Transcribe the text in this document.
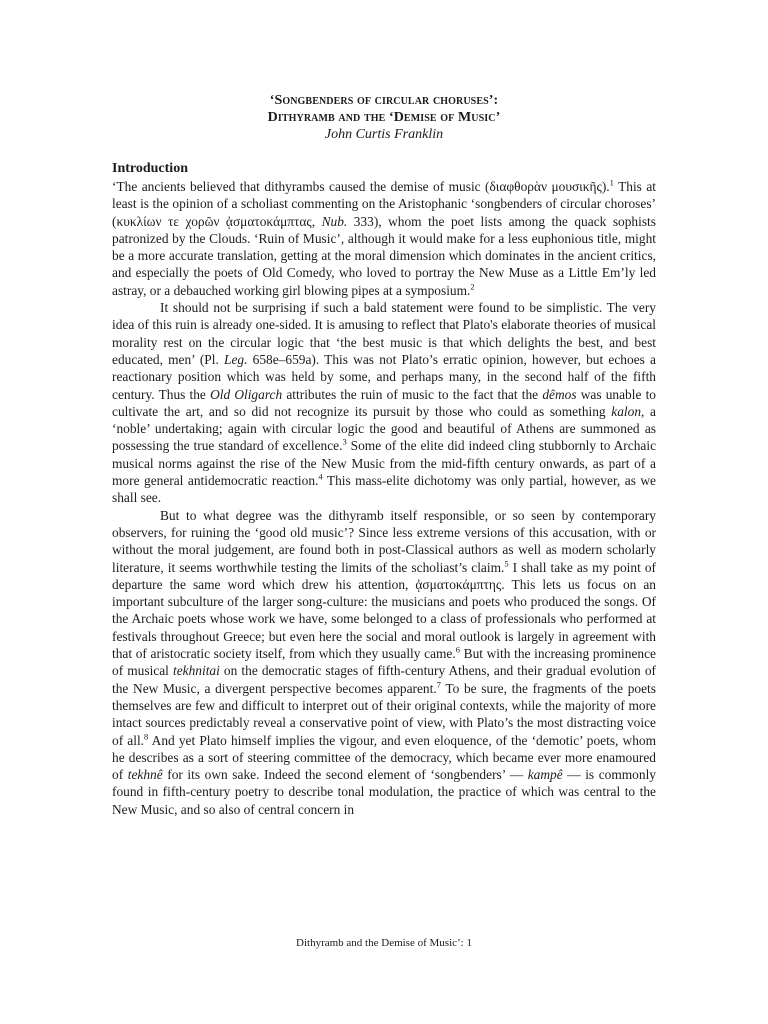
‘Songbenders of circular choruses’:
Dithyramb and the ‘Demise of Music’
John Curtis Franklin
Introduction

‘The ancients believed that dithyrambs caused the demise of music (διαφθορὰν μουσικῆς).$^1$ This at least is the opinion of a scholiast commenting on the Aristophanic ‘songbenders of circular choroses’ (κυκλίων τε χορῶν ᾀσματοκάμπτας, Nub. 333), whom the poet lists among the quack sophists patronized by the Clouds. ‘Ruin of Music’, although it would make for a less euphonious title, might be a more accurate translation, getting at the moral dimension which dominates in the ancient critics, and especially the poets of Old Comedy, who loved to portray the New Muse as a Little Em’ly led astray, or a debauched working girl blowing pipes at a symposium.$^2$

It should not be surprising if such a bald statement were found to be simplistic. The very idea of this ruin is already one-sided. It is amusing to reflect that Plato's elaborate theories of musical morality rest on the circular logic that ‘the best music is that which delights the best, and best educated, men’ (Pl. Leg. 658e–659a). This was not Plato’s erratic opinion, however, but echoes a reactionary position which was held by some, and perhaps many, in the second half of the fifth century. Thus the Old Oligarch attributes the ruin of music to the fact that the dêmos was unable to cultivate the art, and so did not recognize its pursuit by those who could as something kalon, a ‘noble’ undertaking; again with circular logic the good and beautiful of Athens are summoned as possessing the true standard of excellence.$^3$ Some of the elite did indeed cling stubbornly to Archaic musical norms against the rise of the New Music from the mid-fifth century onwards, as part of a more general antidemocratic reaction.$^4$ This mass-elite dichotomy was only partial, however, as we shall see.

But to what degree was the dithyramb itself responsible, or so seen by contemporary observers, for ruining the ‘good old music’? Since less extreme versions of this accusation, with or without the moral judgement, are found both in post-Classical authors as well as modern scholarly literature, it seems worthwhile testing the limits of the scholiast’s claim.$^5$ I shall take as my point of departure the same word which drew his attention, ᾀσματοκάμπτης. This lets us focus on an important subculture of the larger song-culture: the musicians and poets who produced the songs. Of the Archaic poets whose work we have, some belonged to a class of professionals who performed at festivals throughout Greece; but even here the social and moral outlook is largely in agreement with that of aristocratic society itself, from which they usually came.$^6$ But with the increasing prominence of musical tekhnitai on the democratic stages of fifth-century Athens, and their gradual evolution of the New Music, a divergent perspective becomes apparent.$^7$ To be sure, the fragments of the poets themselves are few and difficult to interpret out of their original contexts, while the majority of more intact sources predictably reveal a conservative point of view, with Plato’s the most distracting voice of all.$^8$ And yet Plato himself implies the vigour, and even eloquence, of the ‘demotic’ poets, whom he describes as a sort of steering committee of the democracy, which became ever more enamoured of tekhnê for its own sake. Indeed the second element of ‘songbenders’ — kampê — is commonly found in fifth-century poetry to describe tonal modulation, the practice of which was central to the New Music, and so also of central concern in

Dithyramb and the Demise of Music’: 1
